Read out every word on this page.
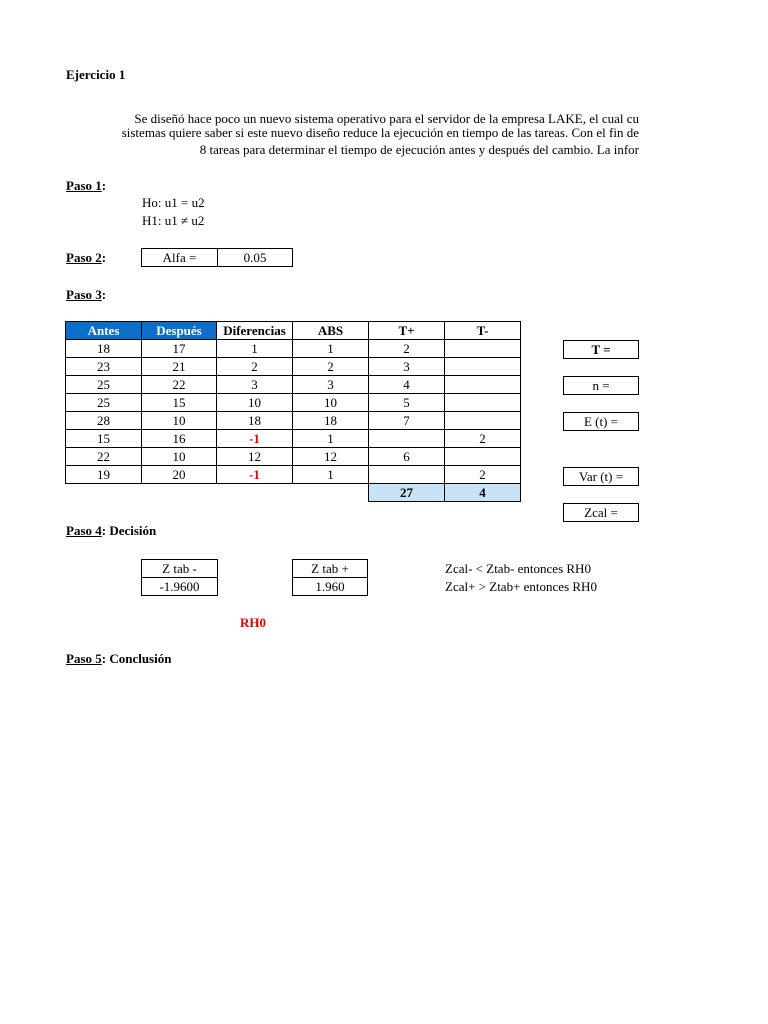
Ejercicio 1
Se diseñó hace poco un nuevo sistema operativo para el servidor de la empresa LAKE, el cual cu
sistemas quiere saber si este nuevo diseño reduce la ejecución en tiempo de las tareas. Con el fin de
8 tareas para determinar el tiempo de ejecución antes y después del cambio. La infor
Paso 1:
Ho: u1 = u2
H1: u1 ≠ u2
Paso 2:	Alfa =	0.05
Paso 3:
Antes	Después	Diferencias	ABS	T+	T-
18	17	1	1	2	
23	21	2	2	3	
25	22	3	3	4	
25	15	10	10	5	
28	10	18	18	7	
15	16	-1	1		2
22	10	12	12	6	
19	20	-1	1		2
				27	4
T =
n =
E (t) =
Var (t) =
Zcal =
Paso 4: Decisión
Z tab -
-1.9600
Z tab +
1.960
Zcal- < Ztab- entonces RH0
Zcal+ > Ztab+ entonces RH0
RH0
Paso 5: Conclusión
